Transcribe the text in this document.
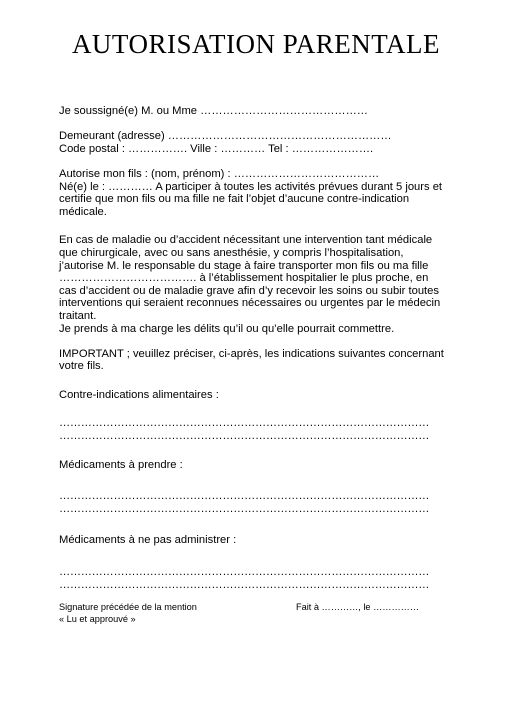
AUTORISATION PARENTALE
Je soussigné(e) M. ou Mme ………………………………………
Demeurant (adresse) ……………………………………………………
Code postal : ……………. Ville : ………… Tel : ………………….
Autorise mon fils : (nom, prénom) : …………………………………
Né(e) le : ………… A participer à toutes les activités prévues durant 5 jours et
certifie que mon fils ou ma fille ne fait l’objet d’aucune contre-indication
médicale.
En cas de maladie ou d’accident nécessitant une intervention tant médicale
que chirurgicale, avec ou sans anesthésie, y compris l’hospitalisation,
j’autorise M. le responsable du stage à faire transporter mon fils ou ma fille
………………………………. à l’établissement hospitalier le plus proche, en
cas d’accident ou de maladie grave afin d’y recevoir les soins ou subir toutes
interventions qui seraient reconnues nécessaires ou urgentes par le médecin
traitant.
Je prends à ma charge les délits qu’il ou qu’elle pourrait commettre.
IMPORTANT ; veuillez préciser, ci-après, les indications suivantes concernant
votre fils.
Contre-indications alimentaires :
…………………………………………………………………………………………
…………………………………………………………………………………………
Médicaments à prendre :
…………………………………………………………………………………………
…………………………………………………………………………………………
Médicaments à ne pas administrer :
…………………………………………………………………………………………
…………………………………………………………………………………………
Signature précédée de la mention
« Lu et approuvé »
Fait à …………, le ……………
